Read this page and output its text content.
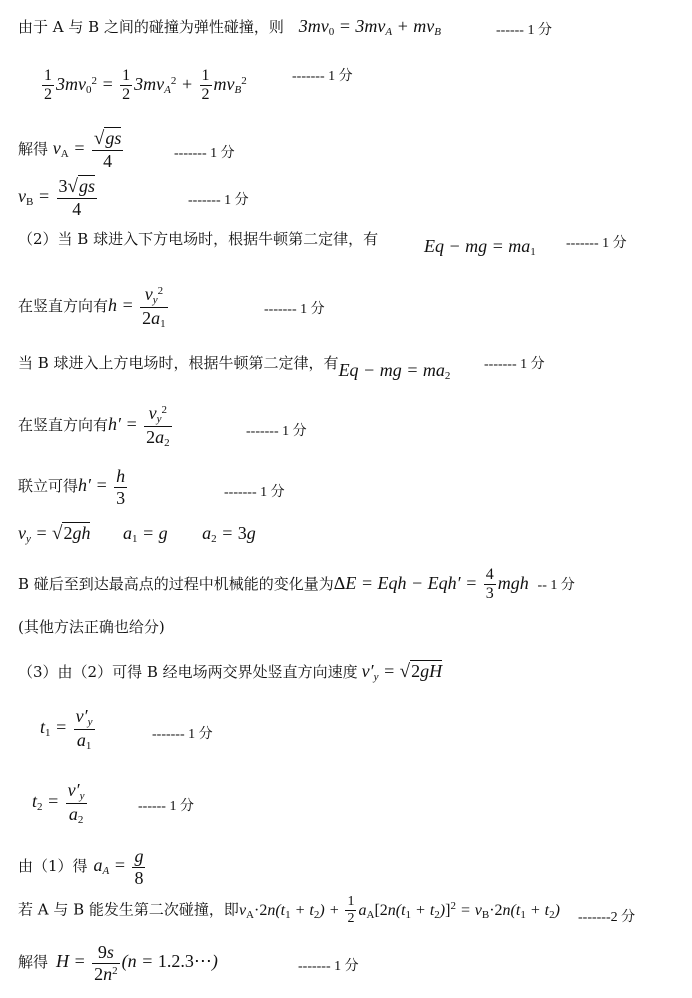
由于 A 与 B 之间的碰撞为弹性碰撞，则 $3mv_0 = 3mv_A + mv_B$	------ 1 分
$\frac{1}{2} 3mv_0^2 = \frac{1}{2} 3mv_A^2 + \frac{1}{2} mv_B^2$	------- 1 分
解得 $v_A = \frac{√gs}{4}$	------- 1 分
$v_B = \frac{3√gs}{4}$	------- 1 分
（2）当 B 球进入下方电场时，根据牛顿第二定律，有	Eq − mg = $ma_1$
------- 1 分
在竖直方向有$h = \frac{v_y^2}{2a_1}$	------- 1 分
当 B 球进入上方电场时，根据牛顿第二定律，有Eq − mg = $ma_2$
------- 1 分
在竖直方向有$h' = \frac{v_y^2}{2a_2}$	------- 1 分
联立可得$h' = \frac{h}{3}$	------- 1 分
$v_y = √2gh$ $a_1 = g$ $a_2 = 3g$
B 碰后至到达最高点的过程中机械能的变化量为ΔE = Eqh − $Eqh' = \frac{4}{3}$ mgh -- 1 分
(其他方法正确也给分)
（3）由（2）可得 B 经电场两交界处竖直方向速度 $v'_y = √2gH$
$t_1 = \frac{v'_y}{a_1}$	------- 1 分
$t_2 = \frac{v'_y}{a_2}$	------ 1 分
由（1）得 $a_A = \frac{g}{8}$
若 A 与 B 能发生第二次碰撞，即$v_A\cdot 2n(t_1 + t_2) + \frac{1}{2} a_A[2n(t_1 + t_2)]^2 = v_B\cdot 2n(t_1 + t_2)$ -------2 分
解得 $H = \frac{9s}{2n^2} (n$ = 1.2.3⋯)	------- 1 分
